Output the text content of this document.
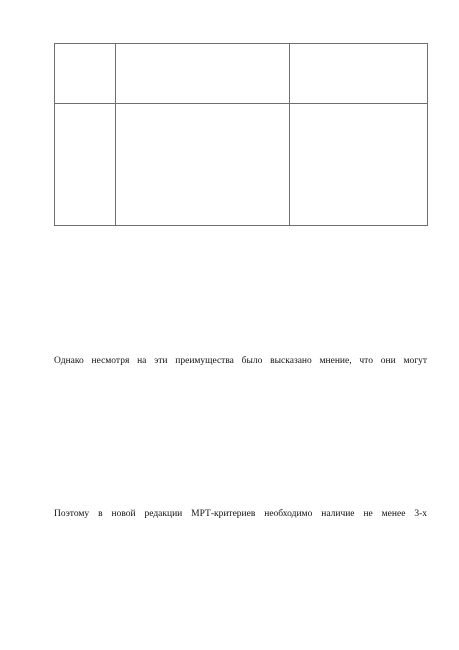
Однако несмотря на эти преимущества было высказано мнение, что они могут
Поэтому в новой редакции МРТ-критериев необходимо наличие не менее 3-х
